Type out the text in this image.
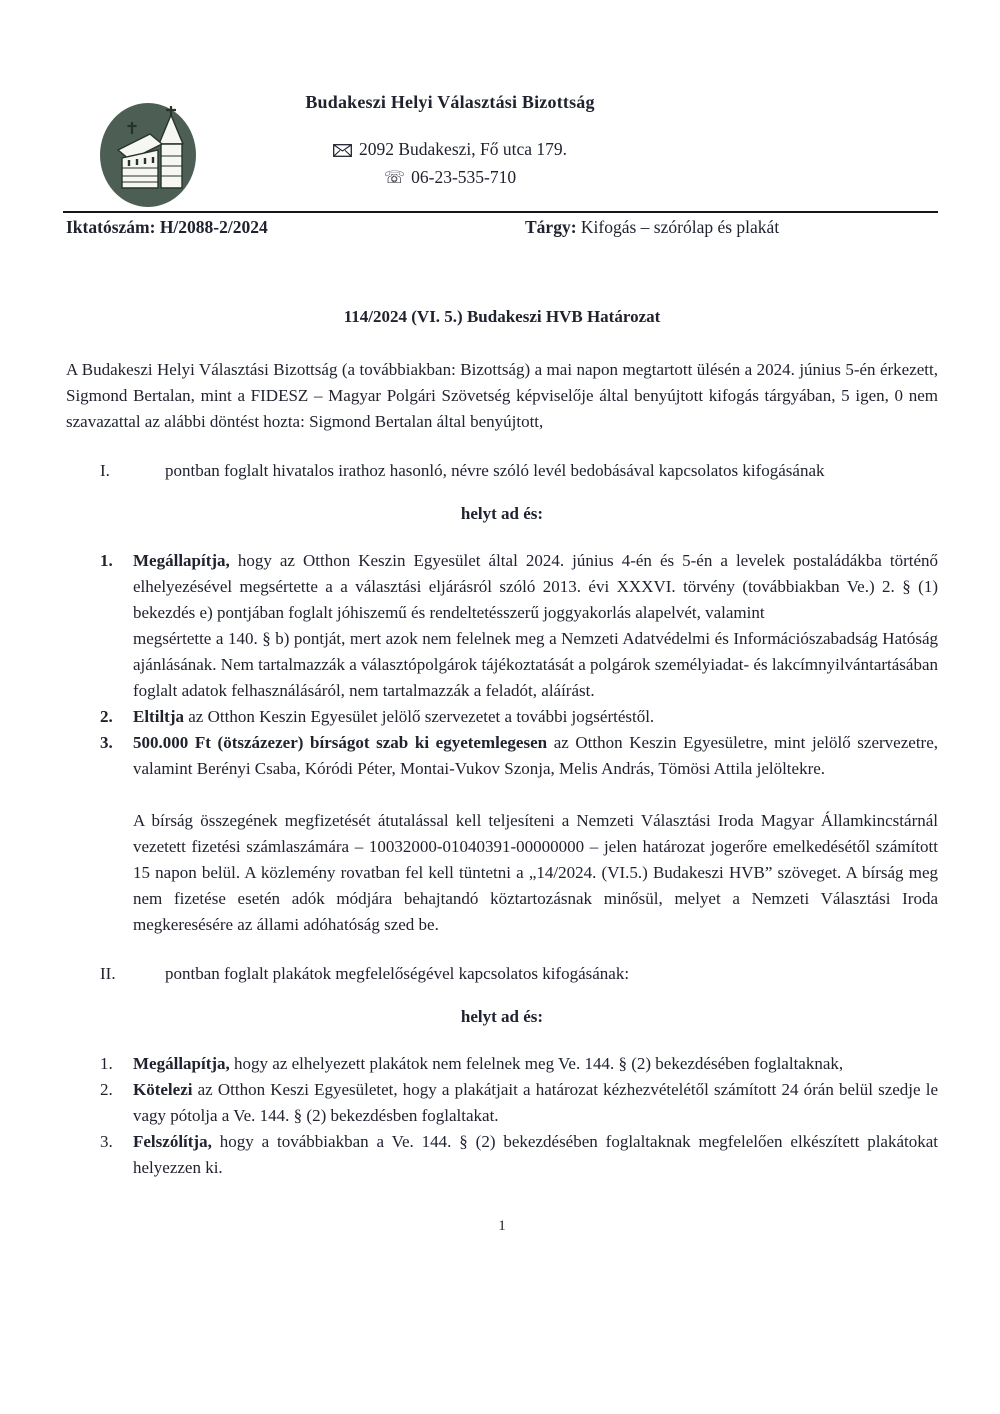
Budakeszi Helyi Választási Bizottság
2092 Budakeszi, Fő utca 179.
☏ 06-23-535-710
Iktatószám: H/2088-2/2024	Tárgy: Kifogás – szórólap és plakát

114/2024 (VI. 5.) Budakeszi HVB Határozat

A Budakeszi Helyi Választási Bizottság (a továbbiakban: Bizottság) a mai napon megtartott ülésén a 2024. június 5-én érkezett, Sigmond Bertalan, mint a FIDESZ – Magyar Polgári Szövetség képviselője által benyújtott kifogás tárgyában, 5 igen, 0 nem szavazattal az alábbi döntést hozta: Sigmond Bertalan által benyújtott,

I.	pontban foglalt hivatalos irathoz hasonló, névre szóló levél bedobásával kapcsolatos kifogásának

helyt ad és:

1.	Megállapítja, hogy az Otthon Keszin Egyesület által 2024. június 4-én és 5-én a levelek postaládákba történő elhelyezésével megsértette a a választási eljárásról szóló 2013. évi XXXVI. törvény (továbbiakban Ve.) 2. § (1) bekezdés e) pontjában foglalt jóhiszemű és rendeltetésszerű joggyakorlás alapelvét, valamint

megsértette a 140. § b) pontját, mert azok nem felelnek meg a Nemzeti Adatvédelmi és Információszabadság Hatóság ajánlásának. Nem tartalmazzák a választópolgárok tájékoztatását a polgárok személyiadat- és lakcímnyilvántartásában foglalt adatok felhasználásáról, nem tartalmazzák a feladót, aláírást.

2.	Eltiltja az Otthon Keszin Egyesület jelölő szervezetet a további jogsértéstől.

3.	500.000 Ft (ötszázezer) bírságot szab ki egyetemlegesen az Otthon Keszin Egyesületre, mint jelölő szervezetre, valamint Berényi Csaba, Kóródi Péter, Montai-Vukov Szonja, Melis András, Tömösi Attila jelöltekre.

A bírság összegének megfizetését átutalással kell teljesíteni a Nemzeti Választási Iroda Magyar Államkincstárnál vezetett fizetési számlaszámára – 10032000-01040391-00000000 – jelen határozat jogerőre emelkedésétől számított 15 napon belül. A közlemény rovatban fel kell tüntetni a „14/2024. (VI.5.) Budakeszi HVB” szöveget. A bírság meg nem fizetése esetén adók módjára behajtandó köztartozásnak minősül, melyet a Nemzeti Választási Iroda megkeresésére az állami adóhatóság szed be.

II.	pontban foglalt plakátok megfelelőségével kapcsolatos kifogásának:

helyt ad és:

1.	Megállapítja, hogy az elhelyezett plakátok nem felelnek meg Ve. 144. § (2) bekezdésében foglaltaknak,

2.	Kötelezi az Otthon Keszi Egyesületet, hogy a plakátjait a határozat kézhezvételétől számított 24 órán belül szedje le vagy pótolja a Ve. 144. § (2) bekezdésben foglaltakat.

3.	Felszólítja, hogy a továbbiakban a Ve. 144. § (2) bekezdésében foglaltaknak megfelelően elkészített plakátokat helyezzen ki.

1
